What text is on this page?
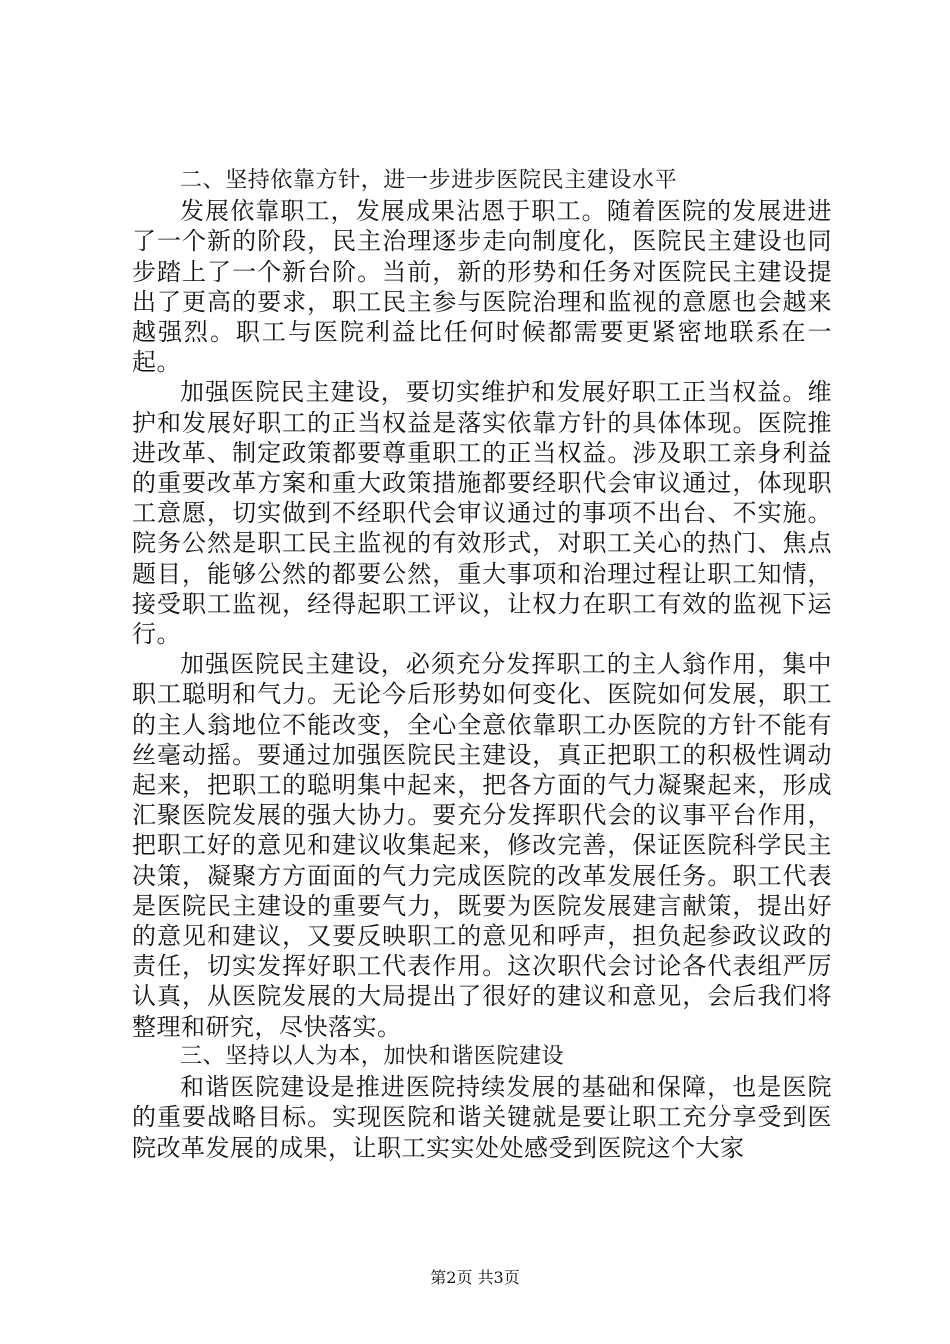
二、坚持依靠方针，进一步进步医院民主建设水平

发展依靠职工，发展成果沾恩于职工。随着医院的发展进进了一个新的阶段，民主治理逐步走向制度化，医院民主建设也同步踏上了一个新台阶。当前，新的形势和任务对医院民主建设提出了更高的要求，职工民主参与医院治理和监视的意愿也会越来越强烈。职工与医院利益比任何时候都需要更紧密地联系在一起。

加强医院民主建设，要切实维护和发展好职工正当权益。维护和发展好职工的正当权益是落实依靠方针的具体体现。医院推进改革、制定政策都要尊重职工的正当权益。涉及职工亲身利益的重要改革方案和重大政策措施都要经职代会审议通过，体现职工意愿，切实做到不经职代会审议通过的事项不出台、不实施。院务公然是职工民主监视的有效形式，对职工关心的热门、焦点题目，能够公然的都要公然，重大事项和治理过程让职工知情，接受职工监视，经得起职工评议，让权力在职工有效的监视下运行。

加强医院民主建设，必须充分发挥职工的主人翁作用，集中职工聪明和气力。无论今后形势如何变化、医院如何发展，职工的主人翁地位不能改变，全心全意依靠职工办医院的方针不能有丝毫动摇。要通过加强医院民主建设，真正把职工的积极性调动起来，把职工的聪明集中起来，把各方面的气力凝聚起来，形成汇聚医院发展的强大协力。要充分发挥职代会的议事平台作用，把职工好的意见和建议收集起来，修改完善，保证医院科学民主决策，凝聚方方面面的气力完成医院的改革发展任务。职工代表是医院民主建设的重要气力，既要为医院发展建言献策，提出好的意见和建议，又要反映职工的意见和呼声，担负起参政议政的责任，切实发挥好职工代表作用。这次职代会讨论各代表组严厉认真，从医院发展的大局提出了很好的建议和意见，会后我们将整理和研究，尽快落实。

三、坚持以人为本，加快和谐医院建设

和谐医院建设是推进医院持续发展的基础和保障，也是医院的重要战略目标。实现医院和谐关键就是要让职工充分享受到医院改革发展的成果，让职工实实处处感受到医院这个大家

第2页 共3页
